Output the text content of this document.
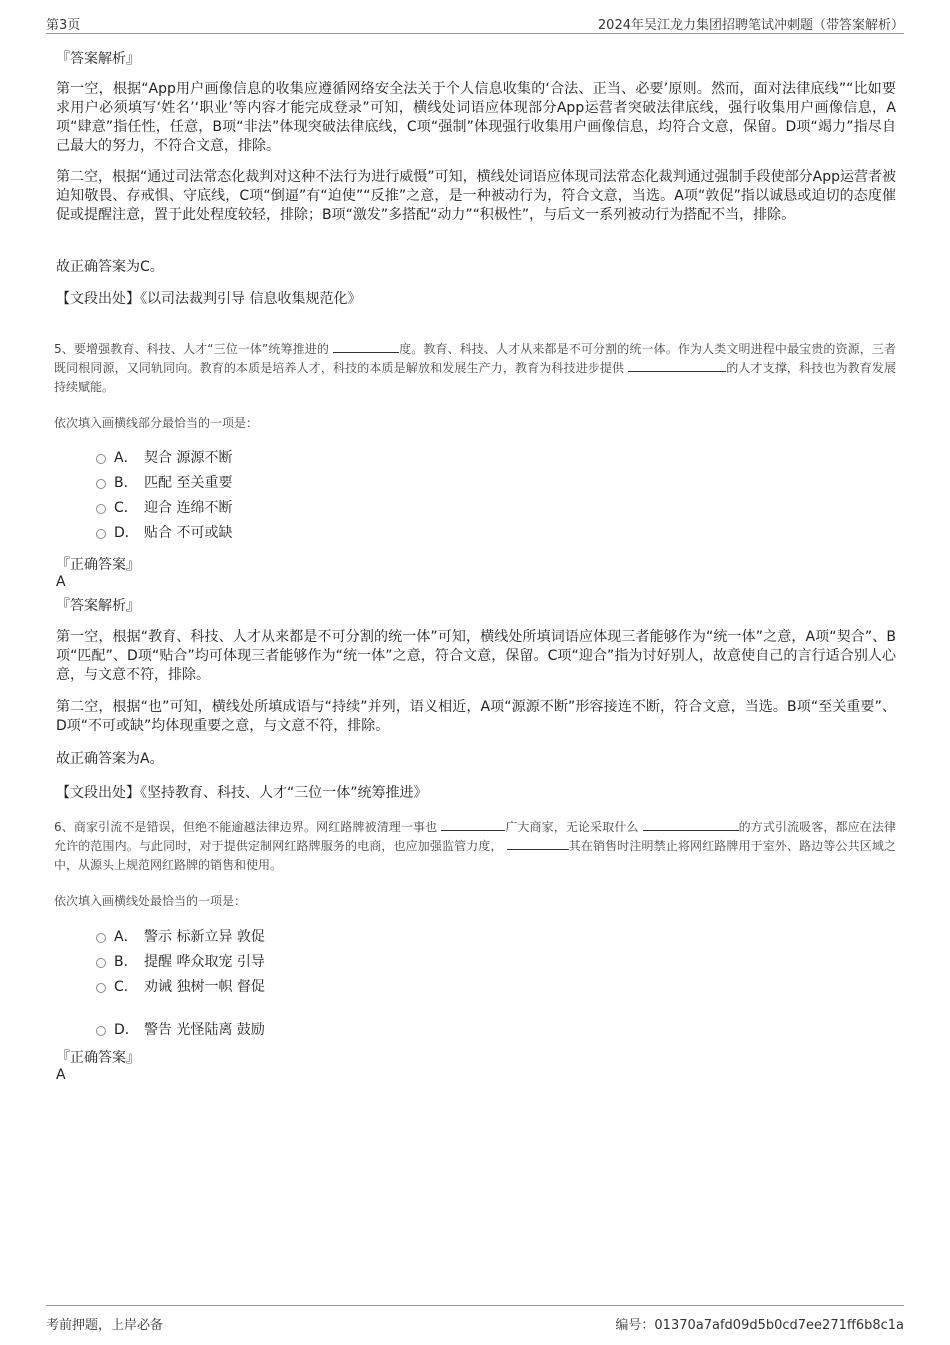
第3页	2024年吴江龙力集团招聘笔试冲刺题（带答案解析）
『答案解析』

第一空，根据“App用户画像信息的收集应遵循网络安全法关于个人信息收集的‘合法、正当、必要’原则。然而，面对法律底线”“比如要求用户必须填写‘姓名’‘职业’等内容才能完成登录”可知，横线处词语应体现部分App运营者突破法律底线，强行收集用户画像信息，A项“肆意”指任性，任意，B项“非法”体现突破法律底线，C项“强制”体现强行收集用户画像信息，均符合文意，保留。D项“竭力”指尽自己最大的努力，不符合文意，排除。

第二空，根据“通过司法常态化裁判对这种不法行为进行威慑”可知，横线处词语应体现司法常态化裁判通过强制手段使部分App运营者被迫知敬畏、存戒惧、守底线，C项“倒逼”有“迫使”“反推”之意，是一种被动行为，符合文意，当选。A项“敦促”指以诚恳或迫切的态度催促或提醒注意，置于此处程度较轻，排除；B项“激发”多搭配“动力”“积极性”，与后文一系列被动行为搭配不当，排除。

故正确答案为C。

【文段出处】《以司法裁判引导 信息收集规范化》

5、要增强教育、科技、人才“三位一体”统筹推进的	度。教育、科技、人才从来都是不可分割的统一体。作为人类文明进程中最宝贵的资源，三者既同根同源，又同轨同向。教育的本质是培养人才，科技的本质是解放和发展生产力，教育为科技进步提供	的人才支撑，科技也为教育发展持续赋能。

依次填入画横线部分最恰当的一项是：

A． 契合 源源不断
B． 匹配 至关重要
C． 迎合 连绵不断
D． 贴合 不可或缺
『正确答案』
A
『答案解析』

第一空，根据“教育、科技、人才从来都是不可分割的统一体”可知，横线处所填词语应体现三者能够作为“统一体”之意，A项“契合”、B项“匹配”、D项“贴合”均可体现三者能够作为“统一体”之意，符合文意，保留。C项“迎合”指为讨好别人，故意使自己的言行适合别人心意，与文意不符，排除。

第二空，根据“也”可知，横线处所填成语与“持续”并列，语义相近，A项“源源不断”形容接连不断，符合文意，当选。B项“至关重要”、D项“不可或缺”均体现重要之意，与文意不符，排除。

故正确答案为A。

【文段出处】《坚持教育、科技、人才“三位一体”统筹推进》

6、商家引流不是错误，但绝不能逾越法律边界。网红路牌被清理一事也	广大商家，无论采取什么	的方式引流吸客，都应在法律允许的范围内。与此同时，对于提供定制网红路牌服务的电商，也应加强监管力度，	其在销售时注明禁止将网红路牌用于室外、路边等公共区域之中，从源头上规范网红路牌的销售和使用。

依次填入画横线处最恰当的一项是：

A． 警示 标新立异 敦促
B． 提醒 哗众取宠 引导
C． 劝诫 独树一帜 督促
D． 警告 光怪陆离 鼓励
『正确答案』
A
考前押题，上岸必备	编号：01370a7afd09d5b0cd7ee271ff6b8c1a
